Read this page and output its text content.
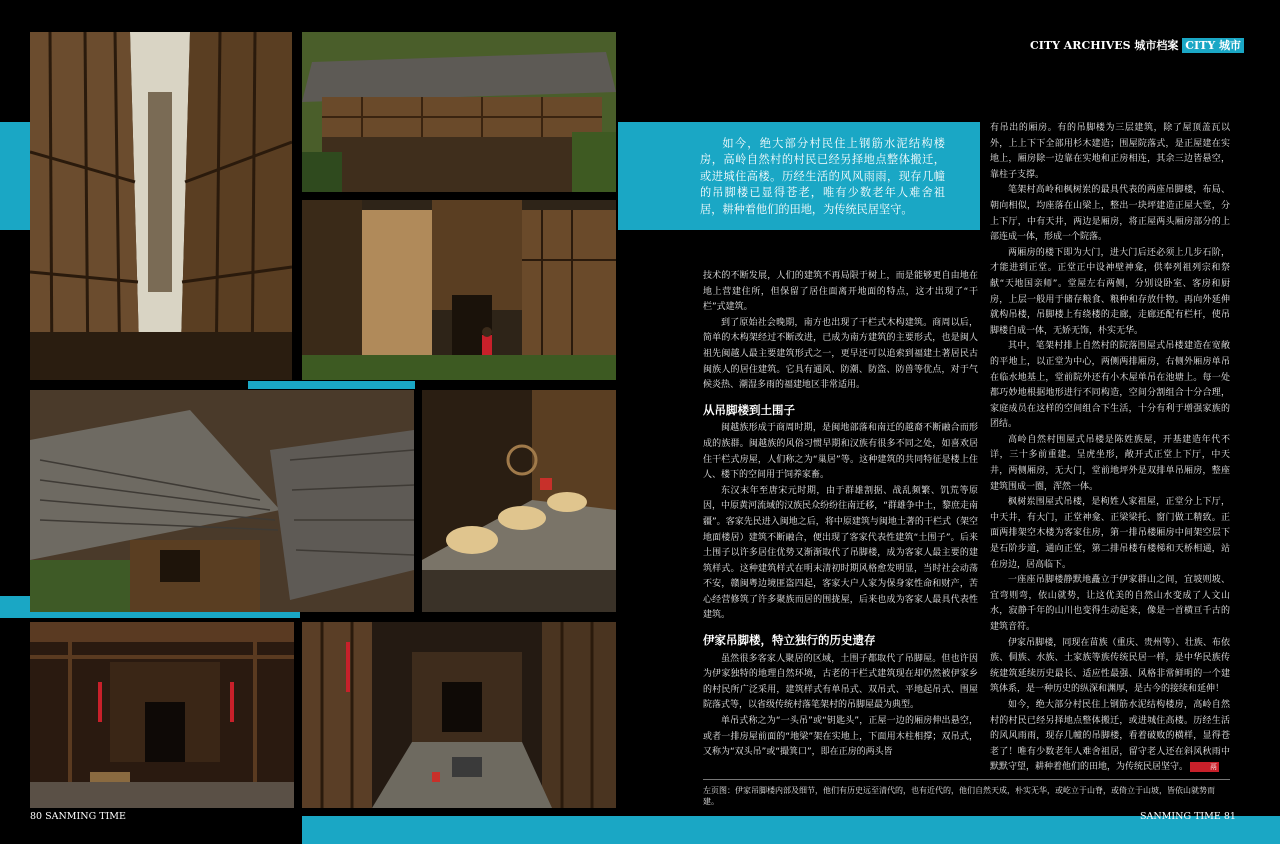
80 SANMING TIME
CITY ARCHIVES 城市档案 CITY 城市
如今，绝大部分村民住上钢筋水泥结构楼房，高岭自然村的村民已经另择地点整体搬迁，或进城住高楼。历经生活的风风雨雨，现存几幢的吊脚楼已显得苍老，唯有少数老年人难舍祖居，耕种着他们的田地，为传统民居坚守。

技术的不断发展，人们的建筑不再局限于树上，而是能够更自由地在地上营建住所，但保留了居住面离开地面的特点，这才出现了“干栏”式建筑。

到了原始社会晚期，南方也出现了干栏式木构建筑。商周以后，简单的木构架经过不断改进，已成为南方建筑的主要形式，也是闽人祖先闽越人最主要建筑形式之一，更早还可以追索到福建土著居民古闽族人的居住建筑。它具有通风、防潮、防盗、防兽等优点，对于气候炎热、潮湿多雨的福建地区非常适用。

从吊脚楼到土围子

闽越族形成于商周时期，是闽地部落和南迁的越裔不断融合而形成的族群。闽越族的风俗习惯早期和汉族有很多不同之处，如喜欢居住干栏式房屋，人们称之为“巢居”等。这种建筑的共同特征是楼上住人、楼下的空间用于饲养家畜。

东汉末年至唐宋元时期，由于群雄割据、战乱频繁、饥荒等原因，中原黄河流域的汉族民众纷纷往南迁移，“群雄争中土，黎庶走南疆”。客家先民进入闽地之后，将中原建筑与闽地土著的干栏式（架空地面楼居）建筑不断融合，便出现了客家代表性建筑“土围子”。后来土围子以许多居住优势又渐渐取代了吊脚楼，成为客家人最主要的建筑样式。这种建筑样式在明末清初时期风格愈发明显，当时社会动荡不安，赣闽粤边境匪盗四起，客家大户人家为保身家性命和财产，苦心经营修筑了许多聚族而居的围拢屋，后来也成为客家人最具代表性建筑。

伊家吊脚楼，特立独行的历史遗存

虽然很多客家人聚居的区域，土围子都取代了吊脚屋。但也许因为伊家独特的地理自然环境，古老的干栏式建筑现在却仍然被伊家乡的村民所广泛采用，建筑样式有单吊式、双吊式、平地起吊式、围屋院落式等，以省级传统村落笔架村的吊脚屋最为典型。

单吊式称之为“一头吊”或“钥匙头”，正屋一边的厢房伸出悬空，或者一排房屋前面的“地梁”架在实地上，下面用木柱相撑；双吊式，又称为“双头吊”或“撮箕口”，即在正房的两头皆

有吊出的厢房。有的吊脚楼为三层建筑，除了屋顶盖瓦以外，上上下下全部用杉木建造；围屋院落式，是正屋建在实地上，厢房除一边靠在实地和正房相连，其余三边皆悬空，靠柱子支撑。

笔架村高岭和枫树岽的最具代表的两座吊脚楼，布局、朝向相似，均座落在山梁上，整出一块坪建造正屋大堂，分上下厅，中有天井，两边是厢房，将正屋两头厢房部分的上部连成一体，形成一个院落。

两厢房的楼下即为大门，进大门后还必须上几步石阶，才能进到正堂。正堂正中设神壁神龛，供奉列祖列宗和祭献“天地国亲师”。堂屋左右两侧，分别设卧室、客房和厨房，上层一般用于储存粮食、粮种和存放什物。再向外延伸就构吊楼，吊脚楼上有绕楼的走廊，走廊还配有栏杆，使吊脚楼自成一体，无娇无饰，朴实无华。

其中，笔架村排上自然村的院落围屋式吊楼建造在宽敞的平地上，以正堂为中心，两侧两排厢房，右侧外厢房单吊在临水地基上，堂前院外还有小木屋单吊在池塘上。每一处都巧妙地根据地形进行不同构造，空间分割组合十分合理，家庭成员在这样的空间组合下生活，十分有利于增强家族的团结。

高岭自然村围屋式吊楼是陈姓族屋，开基建造年代不详，三十多前重建。呈虎坐形，敞开式正堂上下厅，中天井，两侧厢房，无大门，堂前地坪外是双排单吊厢房，整座建筑围成一圈，浑然一体。

枫树岽围屋式吊楼，是枸姓人家祖屋，正堂分上下厅，中天井，有大门，正堂神龛、正梁梁托、窗门做工精致。正面两排架空木楼为客家住房，第一排吊楼厢房中间架空层下是石阶步道，通向正堂，第二排吊楼有楼梯和天桥相通，站在房边，居高临下。

一座座吊脚楼静默地矗立于伊家群山之间，宜坡则坡、宜弯则弯，依山就势，让这优美的自然山水变成了人文山水，寂静千年的山川也变得生动起来，像是一首横亘千古的建筑音符。

伊家吊脚楼，同现在苗族（重庆、贵州等）、壮族、布依族、侗族、水族、土家族等族传统民居一样，是中华民族传统建筑延续历史最长、适应性最强、风格非常鲜明的一个建筑体系，是一种历史的纵深和渊厚，是古今的接续和延伸！

如今，绝大部分村民住上钢筋水泥结构楼房，高岭自然村的村民已经另择地点整体搬迁，或进城住高楼。历经生活的风风雨雨，现存几幢的吊脚楼，看着破败的横样，显得苍老了！唯有少数老年人难舍祖居，留守老人还在斜风秋雨中默默守望，耕种着他们的田地，为传统民居坚守。	鬲

左页图：伊家吊脚楼内部及细节，他们有历史远至清代的，也有近代的，他们自然天成，朴实无华，或屹立于山脊，或倚立于山坡，皆依山就势而建。
SANMING TIME 81
